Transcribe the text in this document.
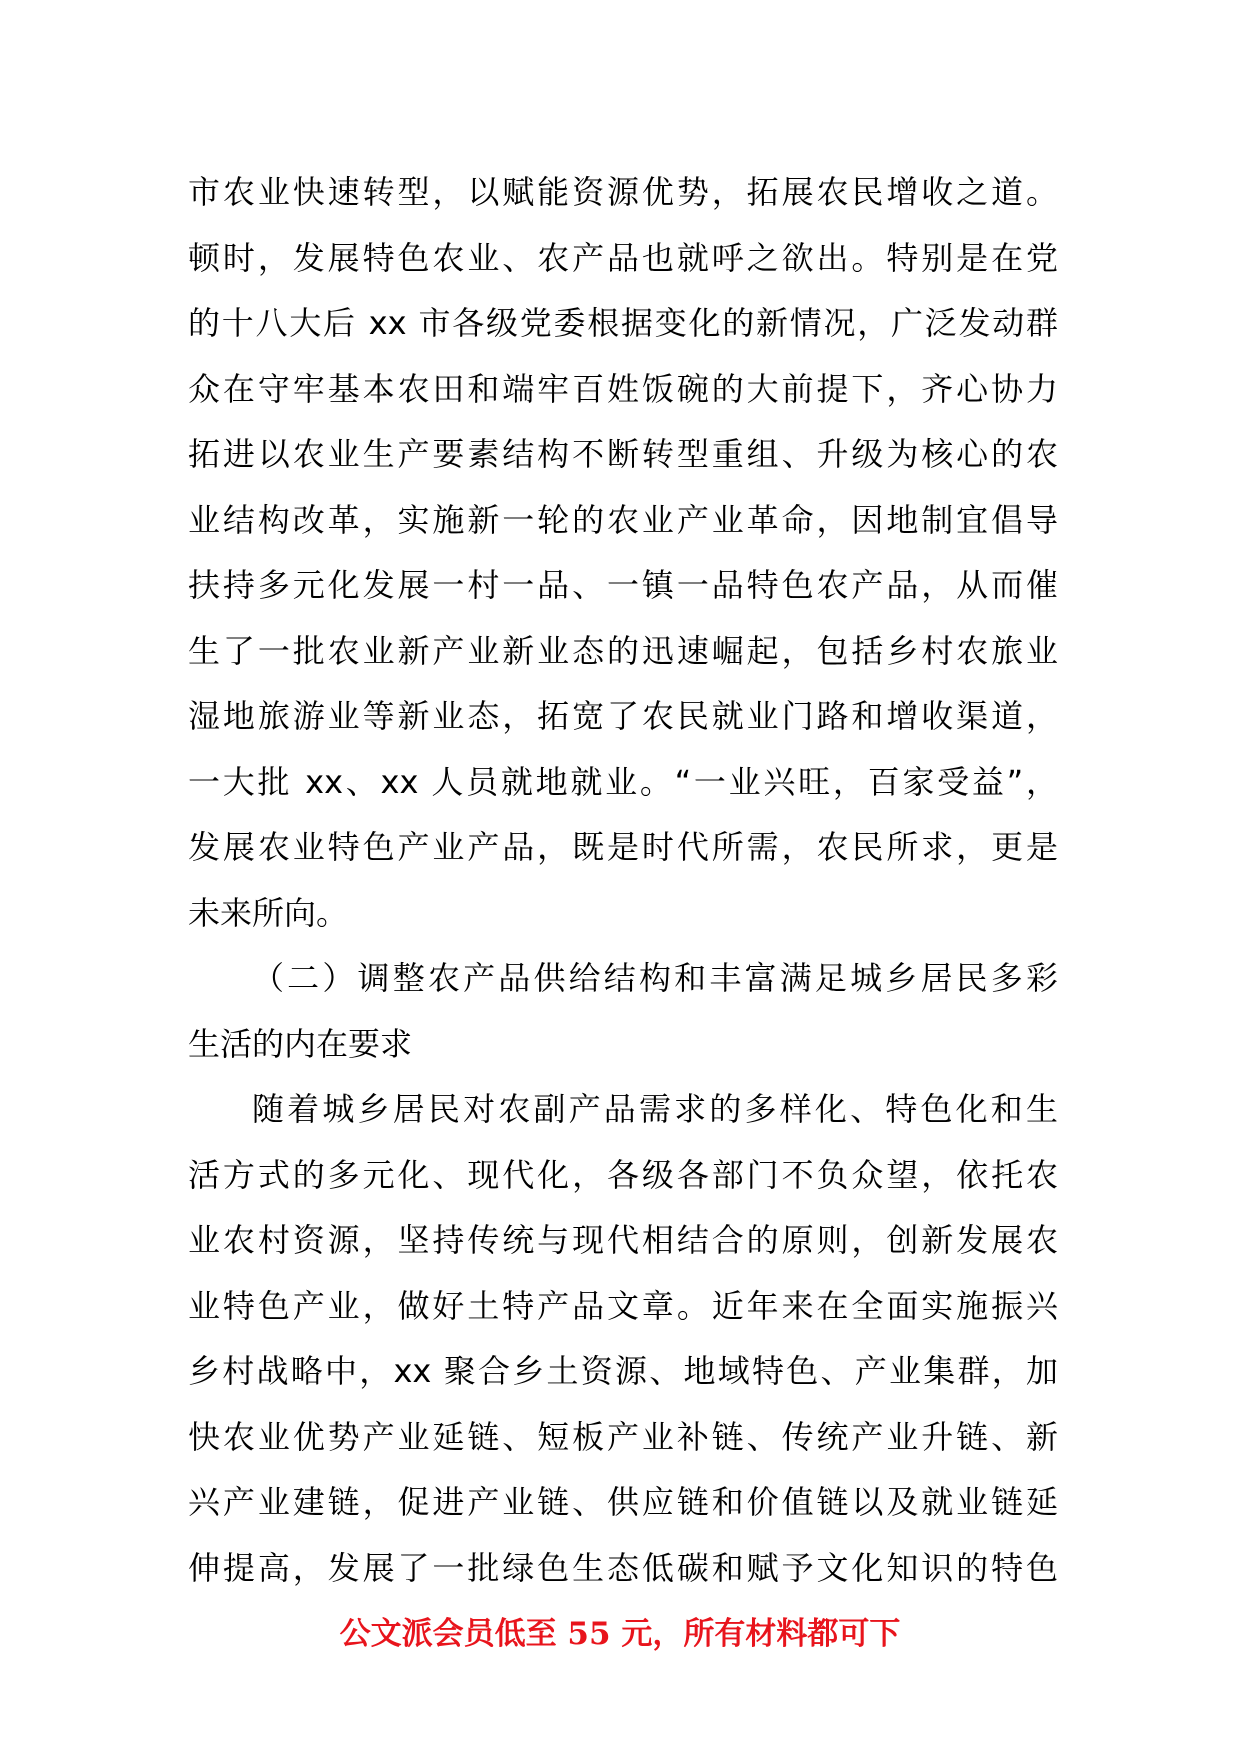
市农业快速转型，以赋能资源优势，拓展农民增收之道。
顿时，发展特色农业、农产品也就呼之欲出。特别是在党
的十八大后 xx 市各级党委根据变化的新情况，广泛发动群
众在守牢基本农田和端牢百姓饭碗的大前提下，齐心协力
拓进以农业生产要素结构不断转型重组、升级为核心的农
业结构改革，实施新一轮的农业产业革命，因地制宜倡导
扶持多元化发展一村一品、一镇一品特色农产品，从而催
生了一批农业新产业新业态的迅速崛起，包括乡村农旅业
湿地旅游业等新业态，拓宽了农民就业门路和增收渠道，
一大批 xx、xx 人员就地就业。“一业兴旺，百家受益”，
发展农业特色产业产品，既是时代所需，农民所求，更是
未来所向。
（二）调整农产品供给结构和丰富满足城乡居民多彩
生活的内在要求
随着城乡居民对农副产品需求的多样化、特色化和生
活方式的多元化、现代化，各级各部门不负众望，依托农
业农村资源，坚持传统与现代相结合的原则，创新发展农
业特色产业，做好土特产品文章。近年来在全面实施振兴
乡村战略中，xx 聚合乡土资源、地域特色、产业集群，加
快农业优势产业延链、短板产业补链、传统产业升链、新
兴产业建链，促进产业链、供应链和价值链以及就业链延
伸提高，发展了一批绿色生态低碳和赋予文化知识的特色
公文派会员低至 55 元，所有材料都可下
